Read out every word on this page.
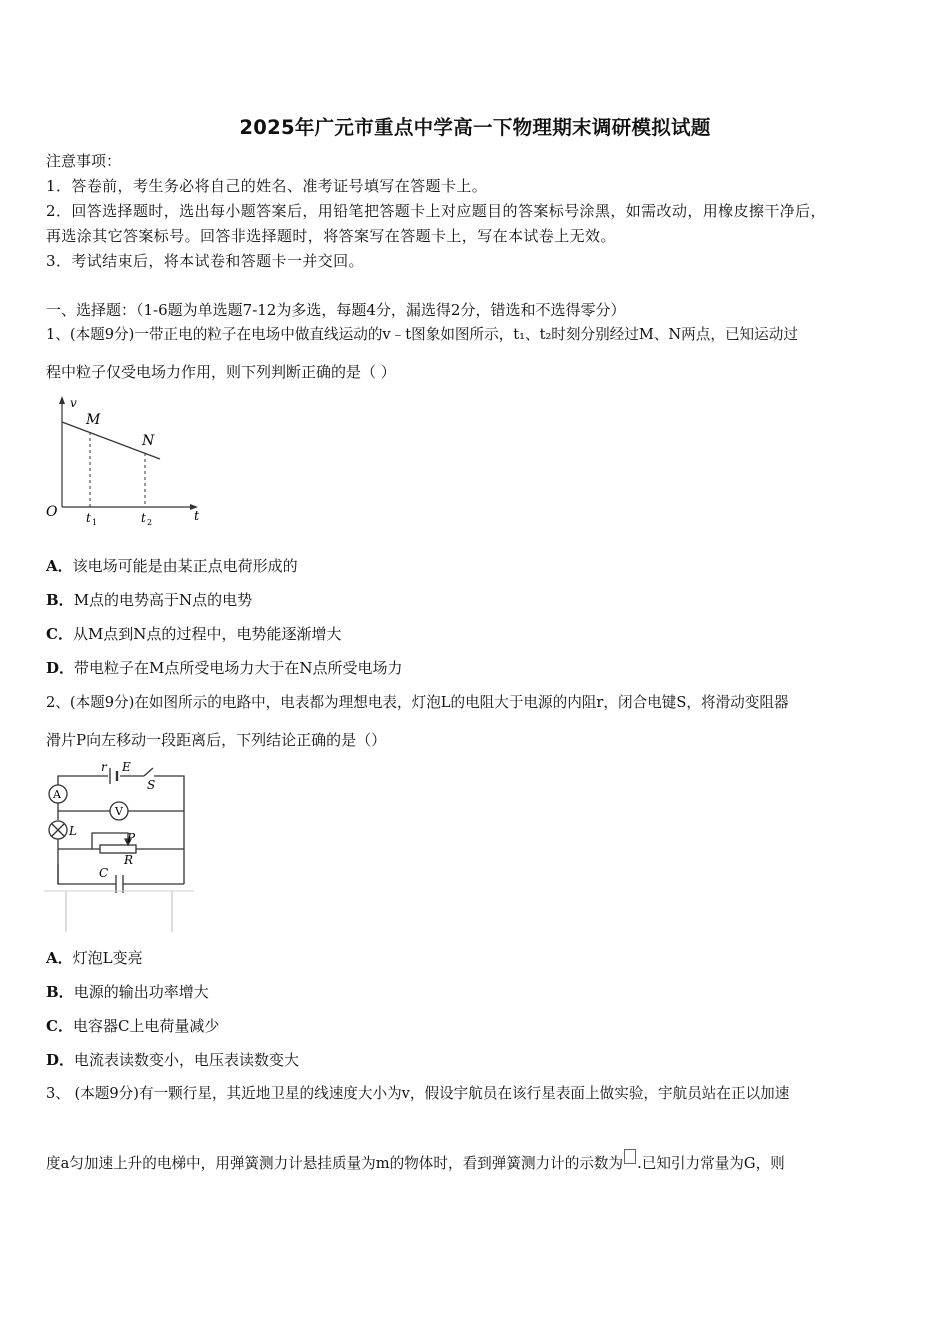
2025年广元市重点中学高一下物理期末调研模拟试题
注意事项：
1．答卷前，考生务必将自己的姓名、准考证号填写在答题卡上。
2．回答选择题时，选出每小题答案后，用铅笔把答题卡上对应题目的答案标号涂黑，如需改动，用橡皮擦干净后，
再选涂其它答案标号。回答非选择题时，将答案写在答题卡上，写在本试卷上无效。
3．考试结束后，将本试卷和答题卡一并交回。
一、选择题：（1-6题为单选题7-12为多选，每题4分，漏选得2分，错选和不选得零分）
1、(本题9分)一带正电的粒子在电场中做直线运动的v﹣t图象如图所示，t₁、t₂时刻分别经过M、N两点，已知运动过
程中粒子仅受电场力作用，则下列判断正确的是（ ）
v
M
N
O	t
t 1	t 2
A．该电场可能是由某正点电荷形成的
B．M点的电势高于N点的电势
C．从M点到N点的过程中，电势能逐渐增大
D．带电粒子在M点所受电场力大于在N点所受电场力
2、(本题9分)在如图所示的电路中，电表都为理想电表，灯泡L的电阻大于电源的内阻r，闭合电键S，将滑动变阻器
滑片P向左移动一段距离后，下列结论正确的是（）
r E
S
A
V
L	P
R
C
A．灯泡L变亮
B．电源的输出功率增大
C．电容器C上电荷量减少
D．电流表读数变小，电压表读数变大
3、 (本题9分)有一颗行星，其近地卫星的线速度大小为v，假设宇航员在该行星表面上做实验，宇航员站在正以加速
度a匀加速上升的电梯中，用弹簧测力计悬挂质量为m的物体时，看到弹簧测力计的示数为 .已知引力常量为G，则
